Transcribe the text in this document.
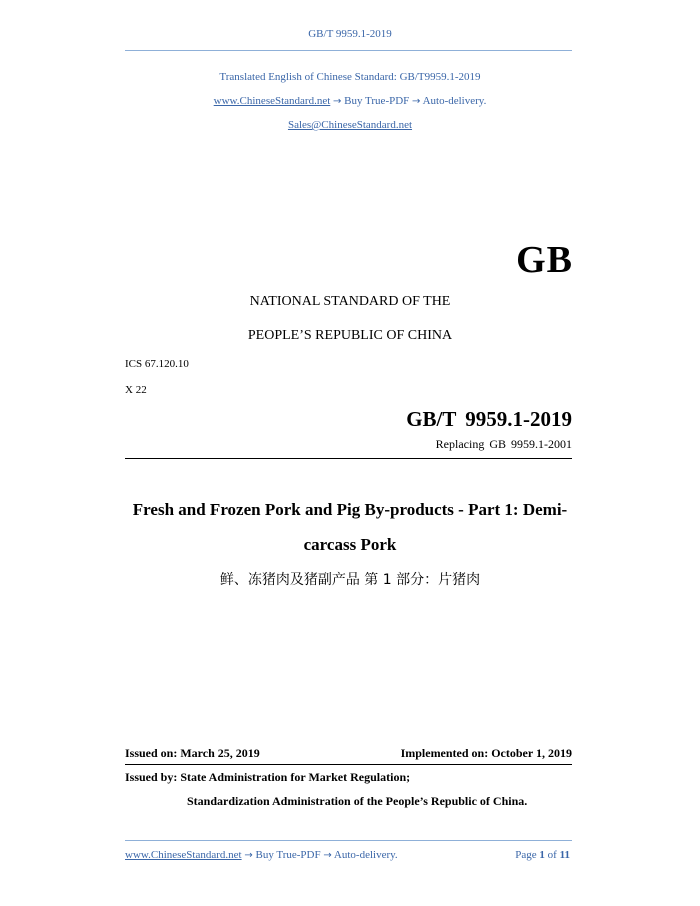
GB/T 9959.1-2019
Translated English of Chinese Standard: GB/T9959.1-2019
www.ChineseStandard.net → Buy True-PDF → Auto-delivery.
Sales@ChineseStandard.net
GB
NATIONAL STANDARD OF THE
PEOPLE’S REPUBLIC OF CHINA
ICS 67.120.10
X 22
GB/T 9959.1-2019
Replacing GB 9959.1-2001
Fresh and Frozen Pork and Pig By-products - Part 1: Demi-
carcass Pork
鲜、冻猪肉及猪副产品 第 1 部分：片猪肉
Issued on: March 25, 2019	Implemented on: October 1, 2019
Issued by: State Administration for Market Regulation;
Standardization Administration of the People’s Republic of China.
www.ChineseStandard.net → Buy True-PDF → Auto-delivery.	Page 1 of 11
